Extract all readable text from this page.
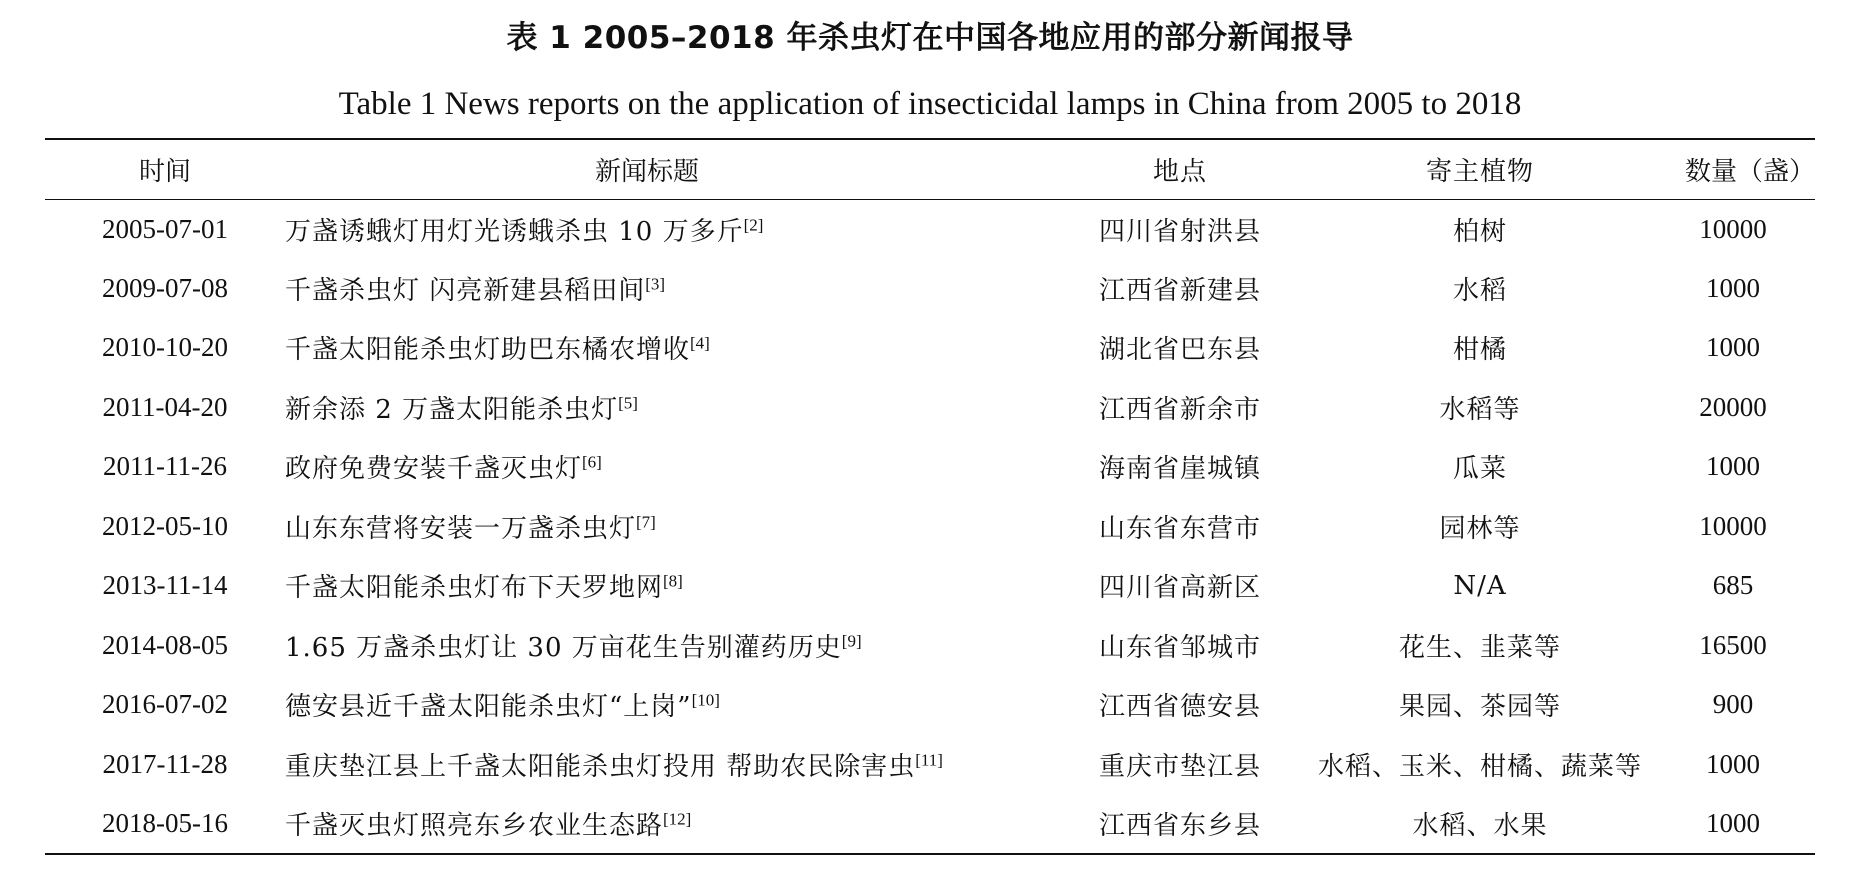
表 1 2005–2018 年杀虫灯在中国各地应用的部分新闻报导
Table 1 News reports on the application of insecticidal lamps in China from 2005 to 2018
时间	新闻标题	地点	寄主植物	数量（盏）
2005-07-01	万盏诱蛾灯用灯光诱蛾杀虫 10 万多斤[2]	四川省射洪县	柏树	10000
2009-07-08	千盏杀虫灯 闪亮新建县稻田间[3]	江西省新建县	水稻	1000
2010-10-20	千盏太阳能杀虫灯助巴东橘农增收[4]	湖北省巴东县	柑橘	1000
2011-04-20	新余添 2 万盏太阳能杀虫灯[5]	江西省新余市	水稻等	20000
2011-11-26	政府免费安装千盏灭虫灯[6]	海南省崖城镇	瓜菜	1000
2012-05-10	山东东营将安装一万盏杀虫灯[7]	山东省东营市	园林等	10000
2013-11-14	千盏太阳能杀虫灯布下天罗地网[8]	四川省高新区	N/A	685
2014-08-05	1.65 万盏杀虫灯让 30 万亩花生告别灌药历史[9]	山东省邹城市	花生、韭菜等	16500
2016-07-02	德安县近千盏太阳能杀虫灯“上岗”[10]	江西省德安县	果园、茶园等	900
2017-11-28	重庆垫江县上千盏太阳能杀虫灯投用 帮助农民除害虫[11]	重庆市垫江县	水稻、玉米、柑橘、蔬菜等	1000
2018-05-16	千盏灭虫灯照亮东乡农业生态路[12]	江西省东乡县	水稻、水果	1000
